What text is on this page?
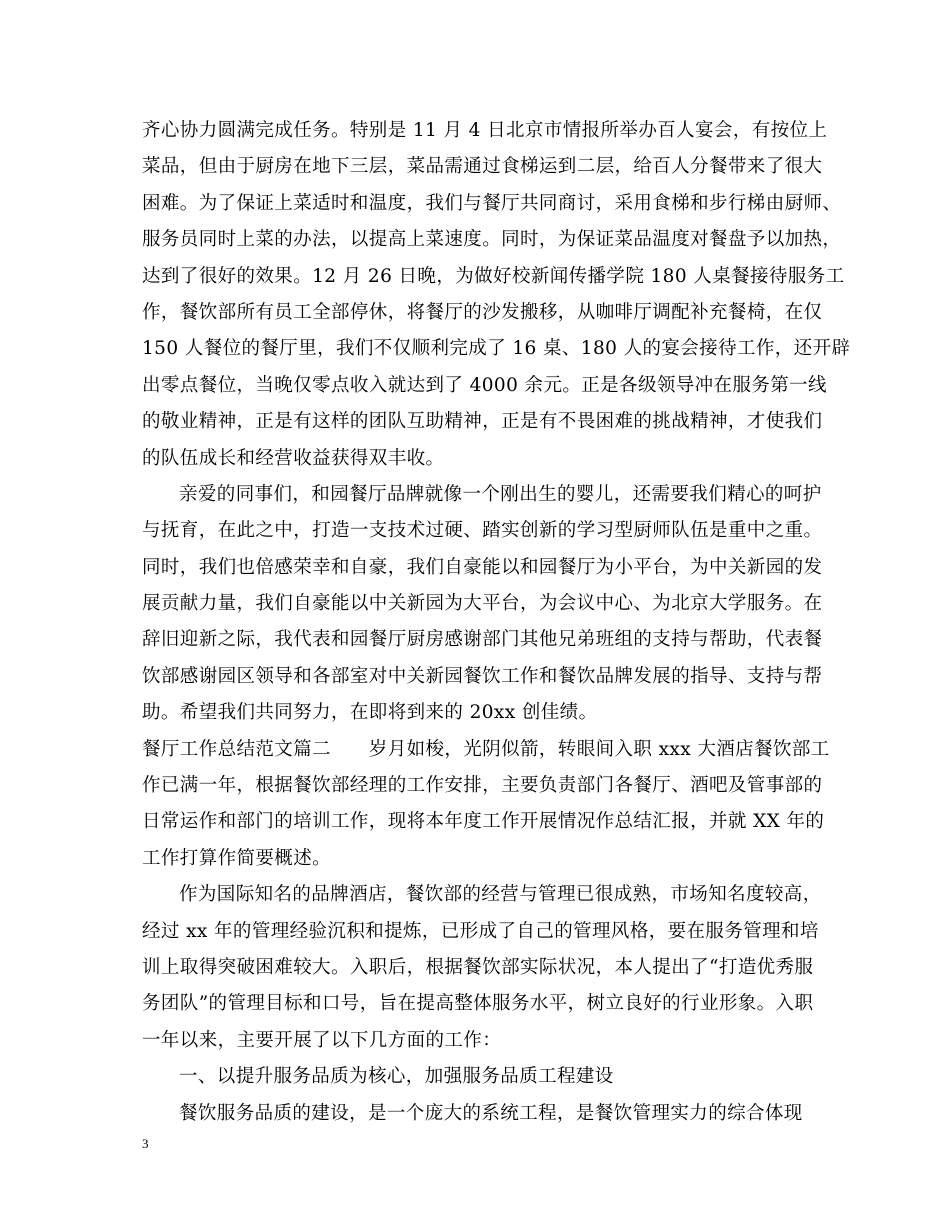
齐心协力圆满完成任务。特别是 11 月 4 日北京市情报所举办百人宴会，有按位上
菜品，但由于厨房在地下三层，菜品需通过食梯运到二层，给百人分餐带来了很大
困难。为了保证上菜适时和温度，我们与餐厅共同商讨，采用食梯和步行梯由厨师、
服务员同时上菜的办法，以提高上菜速度。同时，为保证菜品温度对餐盘予以加热，
达到了很好的效果。12 月 26 日晚，为做好校新闻传播学院 180 人桌餐接待服务工
作，餐饮部所有员工全部停休，将餐厅的沙发搬移，从咖啡厅调配补充餐椅，在仅
150 人餐位的餐厅里，我们不仅顺利完成了 16 桌、180 人的宴会接待工作，还开辟
出零点餐位，当晚仅零点收入就达到了 4000 余元。正是各级领导冲在服务第一线
的敬业精神，正是有这样的团队互助精神，正是有不畏困难的挑战精神，才使我们
的队伍成长和经营收益获得双丰收。
亲爱的同事们，和园餐厅品牌就像一个刚出生的婴儿，还需要我们精心的呵护
与抚育，在此之中，打造一支技术过硬、踏实创新的学习型厨师队伍是重中之重。
同时，我们也倍感荣幸和自豪，我们自豪能以和园餐厅为小平台，为中关新园的发
展贡献力量，我们自豪能以中关新园为大平台，为会议中心、为北京大学服务。在
辞旧迎新之际，我代表和园餐厅厨房感谢部门其他兄弟班组的支持与帮助，代表餐
饮部感谢园区领导和各部室对中关新园餐饮工作和餐饮品牌发展的指导、支持与帮
助。希望我们共同努力，在即将到来的 20xx 创佳绩。
餐厅工作总结范文篇二　　岁月如梭，光阴似箭，转眼间入职 xxx 大酒店餐饮部工
作已满一年，根据餐饮部经理的工作安排，主要负责部门各餐厅、酒吧及管事部的
日常运作和部门的培训工作，现将本年度工作开展情况作总结汇报，并就 XX 年的
工作打算作简要概述。
作为国际知名的品牌酒店，餐饮部的经营与管理已很成熟，市场知名度较高，
经过 xx 年的管理经验沉积和提炼，已形成了自己的管理风格，要在服务管理和培
训上取得突破困难较大。入职后，根据餐饮部实际状况，本人提出了“打造优秀服
务团队”的管理目标和口号，旨在提高整体服务水平，树立良好的行业形象。入职
一年以来，主要开展了以下几方面的工作：
一、以提升服务品质为核心，加强服务品质工程建设
餐饮服务品质的建设，是一个庞大的系统工程，是餐饮管理实力的综合体现
3
